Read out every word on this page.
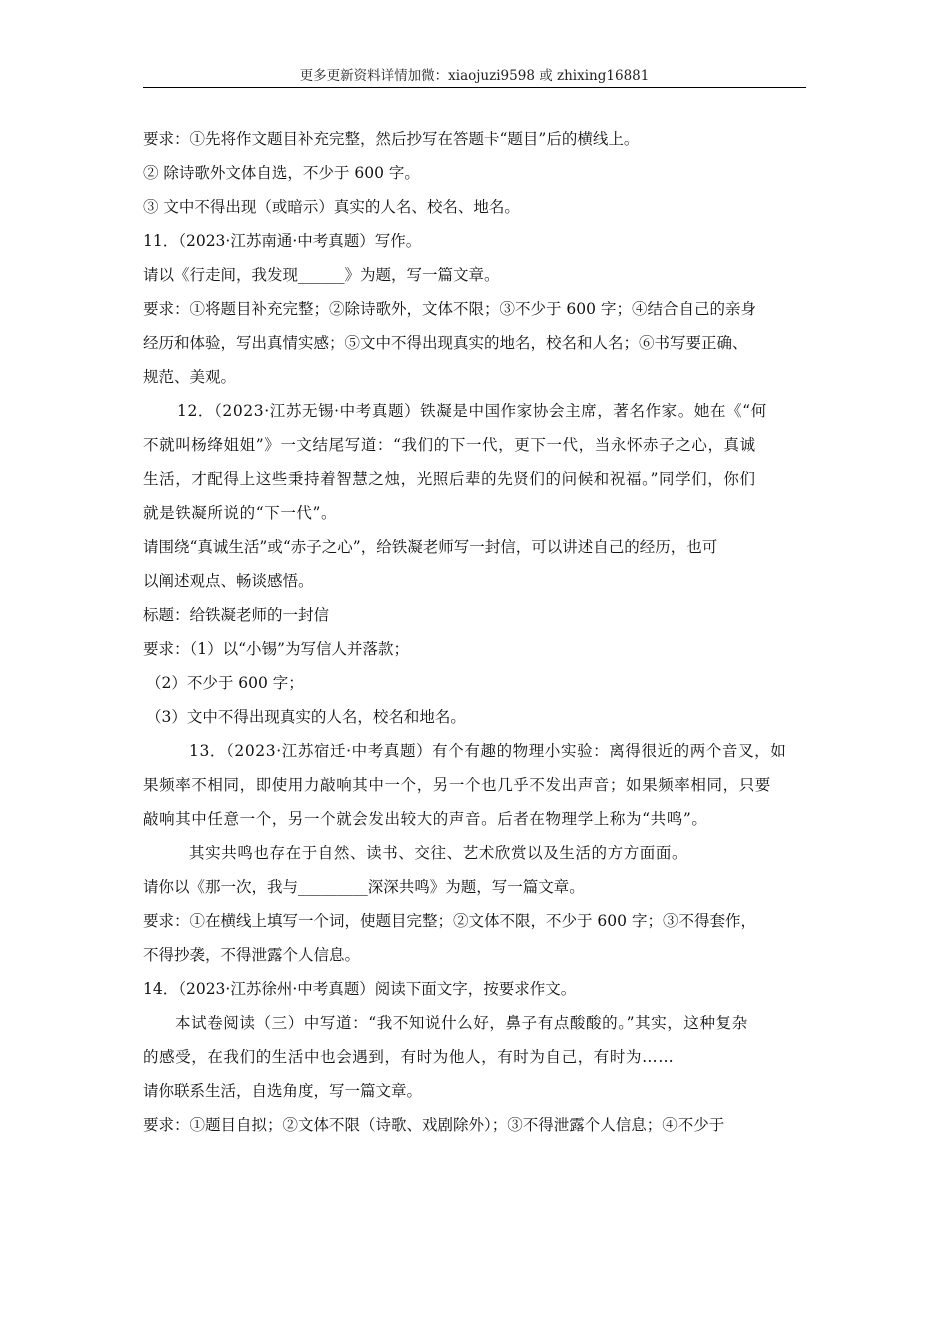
更多更新资料详情加微：xiaojuzi9598 或 zhixing16881
要求：①先将作文题目补充完整，然后抄写在答题卡“题目”后的横线上。
② 除诗歌外文体自选，不少于 600 字。
③ 文中不得出现（或暗示）真实的人名、校名、地名。
11．（2023·江苏南通·中考真题）写作。
请以《行走间，我发现______》为题，写一篇文章。
要求：①将题目补充完整；②除诗歌外，文体不限；③不少于 600 字；④结合自己的亲身
经历和体验，写出真情实感；⑤文中不得出现真实的地名，校名和人名；⑥书写要正确、
规范、美观。
12．（2023·江苏无锡·中考真题）铁凝是中国作家协会主席，著名作家。她在《“何
不就叫杨绛姐姐”》一文结尾写道：“我们的下一代，更下一代，当永怀赤子之心，真诚
生活，才配得上这些秉持着智慧之烛，光照后辈的先贤们的问候和祝福。”同学们，你们
就是铁凝所说的“下一代”。
请围绕“真诚生活”或“赤子之心”，给铁凝老师写一封信，可以讲述自己的经历，也可
以阐述观点、畅谈感悟。
标题：给铁凝老师的一封信
要求：（1）以“小锡”为写信人并落款；
（2）不少于 600 字；
（3）文中不得出现真实的人名，校名和地名。
13．（2023·江苏宿迁·中考真题）有个有趣的物理小实验：离得很近的两个音叉，如
果频率不相同，即使用力敲响其中一个，另一个也几乎不发出声音；如果频率相同，只要
敲响其中任意一个，另一个就会发出较大的声音。后者在物理学上称为“共鸣”。
其实共鸣也存在于自然、读书、交往、艺术欣赏以及生活的方方面面。
请你以《那一次，我与_________深深共鸣》为题，写一篇文章。
要求：①在横线上填写一个词，使题目完整；②文体不限，不少于 600 字；③不得套作，
不得抄袭，不得泄露个人信息。
14．（2023·江苏徐州·中考真题）阅读下面文字，按要求作文。
本试卷阅读（三）中写道：“我不知说什么好，鼻子有点酸酸的。”其实，这种复杂
的感受，在我们的生活中也会遇到，有时为他人，有时为自己，有时为……
请你联系生活，自选角度，写一篇文章。
要求：①题目自拟；②文体不限（诗歌、戏剧除外）；③不得泄露个人信息；④不少于
